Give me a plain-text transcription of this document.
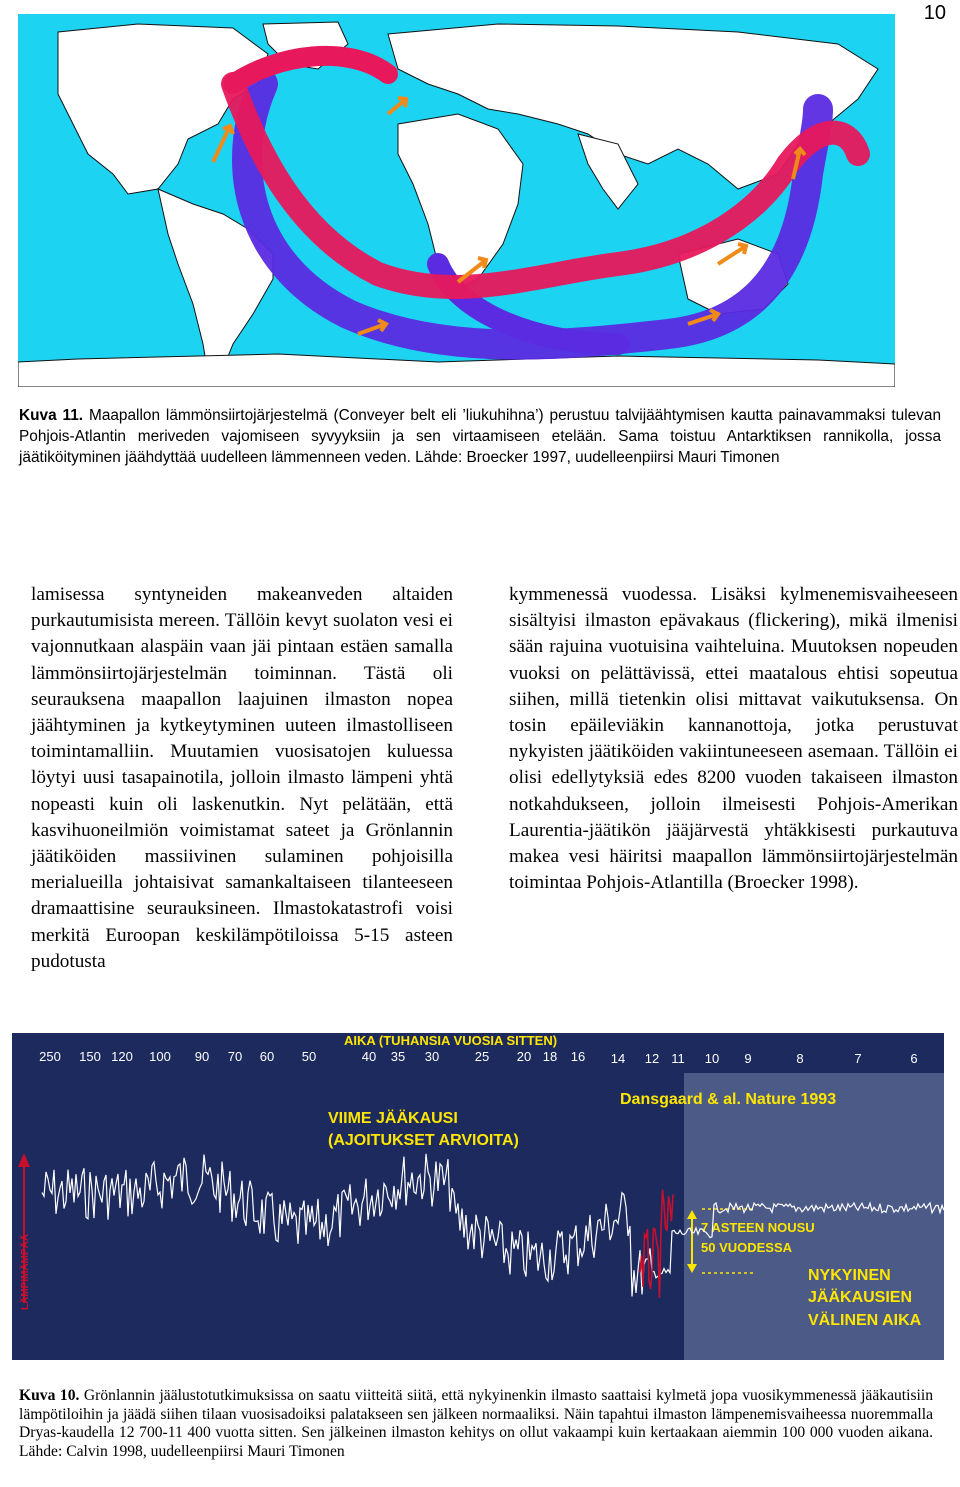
10
Kuva 11. Maapallon lämmönsiirtojärjestelmä (Conveyer belt eli ’liukuhihna’) perustuu talvijäähtymisen kautta painavammaksi tulevan Pohjois-Atlantin meriveden vajomiseen syvyyksiin ja sen virtaamiseen etelään. Sama toistuu Antarktiksen rannikolla, jossa jäätiköityminen jäähdyttää uudelleen lämmenneen veden. Lähde: Broecker 1997, uudelleenpiirsi Mauri Timonen
lamisessa syntyneiden makeanveden altaiden purkautumisista mereen. Tällöin kevyt suolaton vesi ei vajonnutkaan alaspäin vaan jäi pintaan estäen samalla lämmönsiirtojärjestelmän toiminnan. Tästä oli seurauksena maapallon laajuinen ilmaston nopea jäähtyminen ja kytkeytyminen uuteen ilmastolliseen toimintamalliin. Muutamien vuosisatojen kuluessa löytyi uusi tasapainotila, jolloin ilmasto lämpeni yhtä nopeasti kuin oli laskenutkin. Nyt pelätään, että kasvihuoneilmiön voimistamat sateet ja Grönlannin jäätiköiden massiivinen sulaminen pohjoisilla merialueilla johtaisivat samankaltaiseen tilanteeseen dramaattisine seurauksineen. Ilmastokatastrofi voisi merkitä Euroopan keskilämpötiloissa 5-15 asteen pudotusta
kymmenessä vuodessa. Lisäksi kylmenemisvaiheeseen sisältyisi ilmaston epävakaus (flickering), mikä ilmenisi sään rajuina vuotuisina vaihteluina. Muutoksen nopeuden vuoksi on pelättävissä, ettei maatalous ehtisi sopeutua siihen, millä tietenkin olisi mittavat vaikutuksensa. On tosin epäileviäkin kannanottoja, jotka perustuvat nykyisten jäätiköiden vakiintuneeseen asemaan. Tällöin ei olisi edellytyksiä edes 8200 vuoden takaiseen ilmaston notkahdukseen, jolloin ilmeisesti Pohjois-Amerikan Laurentia-jäätikön jääjärvestä yhtäkkisesti purkautuva makea vesi häiritsi maapallon lämmönsiirtojärjestelmän toimintaa Pohjois-Atlantilla (Broecker 1998).
AIKA (TUHANSIA VUOSIA SITTEN)
250 150 120 100 90 70 60 50	40 35 30	25 20 18 16 14 12 11 10 9	8	7	6
VIIME JÄÄKAUSI
(AJOITUKSET ARVIOITA)
Dansgaard & al. Nature 1993
7 ASTEEN NOUSU
50 VUODESSA
NYKYINEN
JÄÄKAUSIEN
VÄLINEN AIKA
LÄMPIMÄMPÄÄ
Kuva 10. Grönlannin jäälustotutkimuksissa on saatu viitteitä siitä, että nykyinenkin ilmasto saattaisi kylmetä jopa vuosikymmenessä jääkautisiin lämpötiloihin ja jäädä siihen tilaan vuosisadoiksi palatakseen sen jälkeen normaaliksi. Näin tapahtui ilmaston lämpenemisvaiheessa nuoremmalla Dryas-kaudella 12 700-11 400 vuotta sitten. Sen jälkeinen ilmaston kehitys on ollut vakaampi kuin kertaakaan aiemmin 100 000 vuoden aikana. Lähde: Calvin 1998, uudelleenpiirsi Mauri Timonen
